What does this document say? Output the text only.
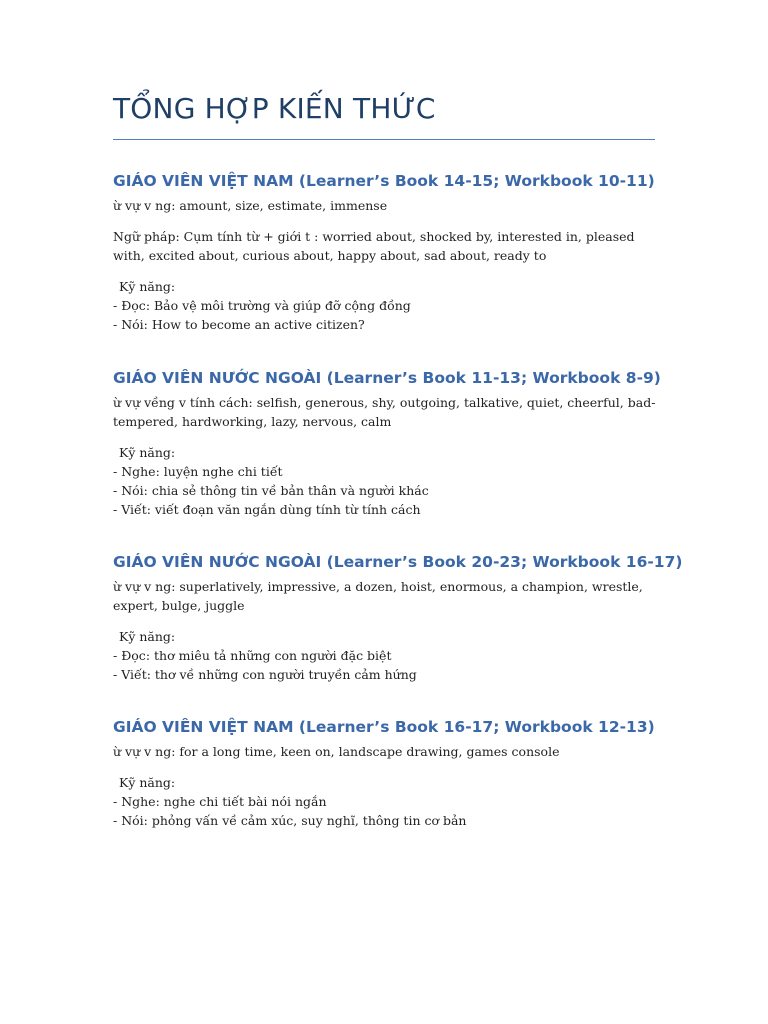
TỔNG HỢP KIẾN THỨC
GIÁO VIÊN VIỆT NAM (Learner’s Book 14-15; Workbook 10-11)

ừ vự v ng: amount, size, estimate, immense

Ngữ pháp: Cụm tính từ + giới t : worried about, shocked by, interested in, pleased with, excited about, curious about, happy about, sad about, ready to

Kỹ năng:

- Đọc: Bảo vệ môi trường và giúp đỡ cộng đồng

- Nói: How to become an active citizen?

GIÁO VIÊN NƯỚC NGOÀI (Learner’s Book 11-13; Workbook 8-9)

ừ vự vềng v tính cách: selfish, generous, shy, outgoing, talkative, quiet, cheerful, bad-tempered, hardworking, lazy, nervous, calm

Kỹ năng:

- Nghe: luyện nghe chi tiết

- Nói: chia sẻ thông tin về bản thân và người khác

- Viết: viết đoạn văn ngắn dùng tính từ tính cách

GIÁO VIÊN NƯỚC NGOÀI (Learner’s Book 20-23; Workbook 16-17)

ừ vự v ng: superlatively, impressive, a dozen, hoist, enormous, a champion, wrestle, expert, bulge, juggle

Kỹ năng:

- Đọc: thơ miêu tả những con người đặc biệt

- Viết: thơ về những con người truyền cảm hứng

GIÁO VIÊN VIỆT NAM (Learner’s Book 16-17; Workbook 12-13)

ừ vự v ng: for a long time, keen on, landscape drawing, games console

Kỹ năng:

- Nghe: nghe chi tiết bài nói ngắn

- Nói: phỏng vấn về cảm xúc, suy nghĩ, thông tin cơ bản
